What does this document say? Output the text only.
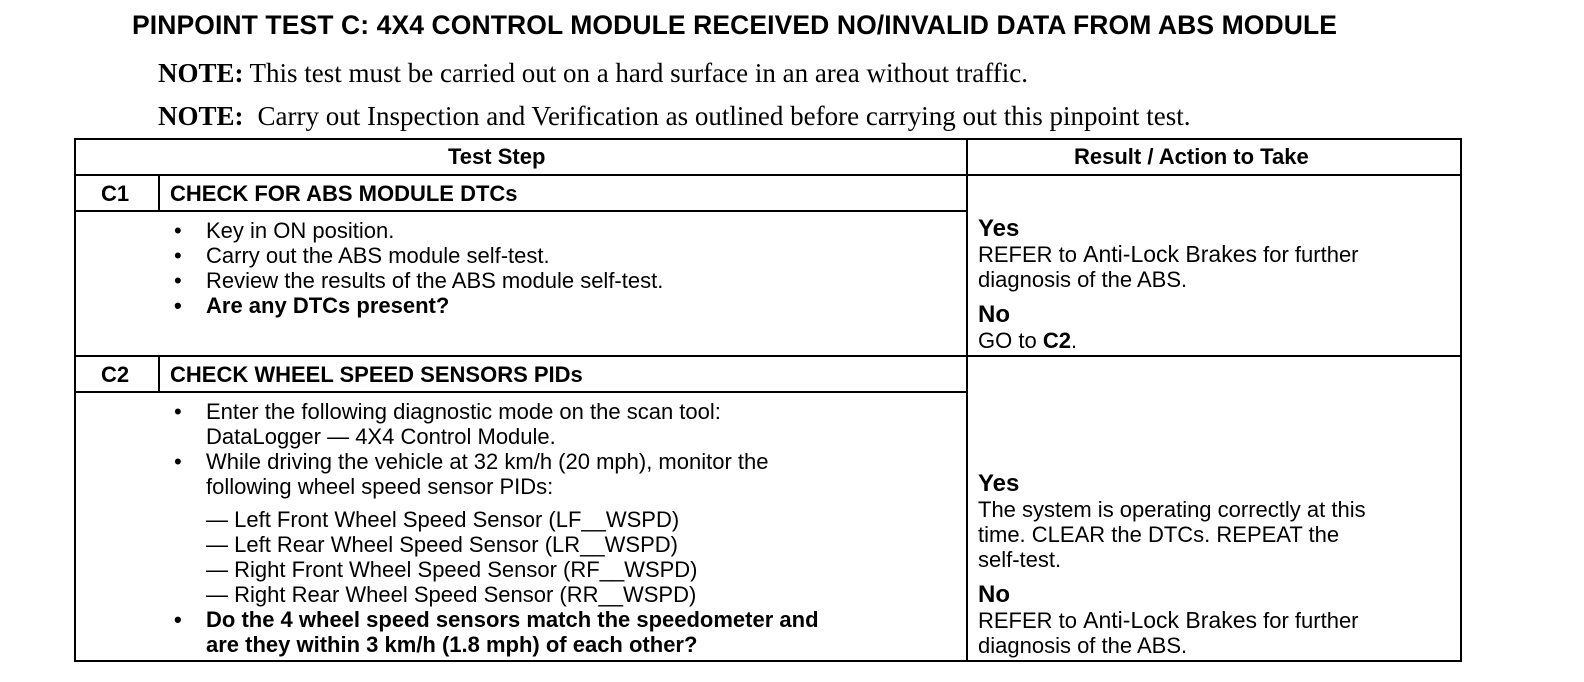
PINPOINT TEST C: 4X4 CONTROL MODULE RECEIVED NO/INVALID DATA FROM ABS MODULE
NOTE: This test must be carried out on a hard surface in an area without traffic.
NOTE: Carry out Inspection and Verification as outlined before carrying out this pinpoint test.
Test Step	Result / Action to Take
C1 CHECK FOR ABS MODULE DTCs
• Key in ON position.
• Carry out the ABS module self-test.
• Review the results of the ABS module self-test.
• Are any DTCs present?
Yes
REFER to Anti-Lock Brakes for further
diagnosis of the ABS.
No
GO to C2.
C2 CHECK WHEEL SPEED SENSORS PIDs
• Enter the following diagnostic mode on the scan tool:
DataLogger — 4X4 Control Module.
• While driving the vehicle at 32 km/h (20 mph), monitor the
following wheel speed sensor PIDs:
— Left Front Wheel Speed Sensor (LF__WSPD)
— Left Rear Wheel Speed Sensor (LR__WSPD)
— Right Front Wheel Speed Sensor (RF__WSPD)
— Right Rear Wheel Speed Sensor (RR__WSPD)
• Do the 4 wheel speed sensors match the speedometer and
are they within 3 km/h (1.8 mph) of each other?
Yes
The system is operating correctly at this
time. CLEAR the DTCs. REPEAT the
self-test.
No
REFER to Anti-Lock Brakes for further
diagnosis of the ABS.
